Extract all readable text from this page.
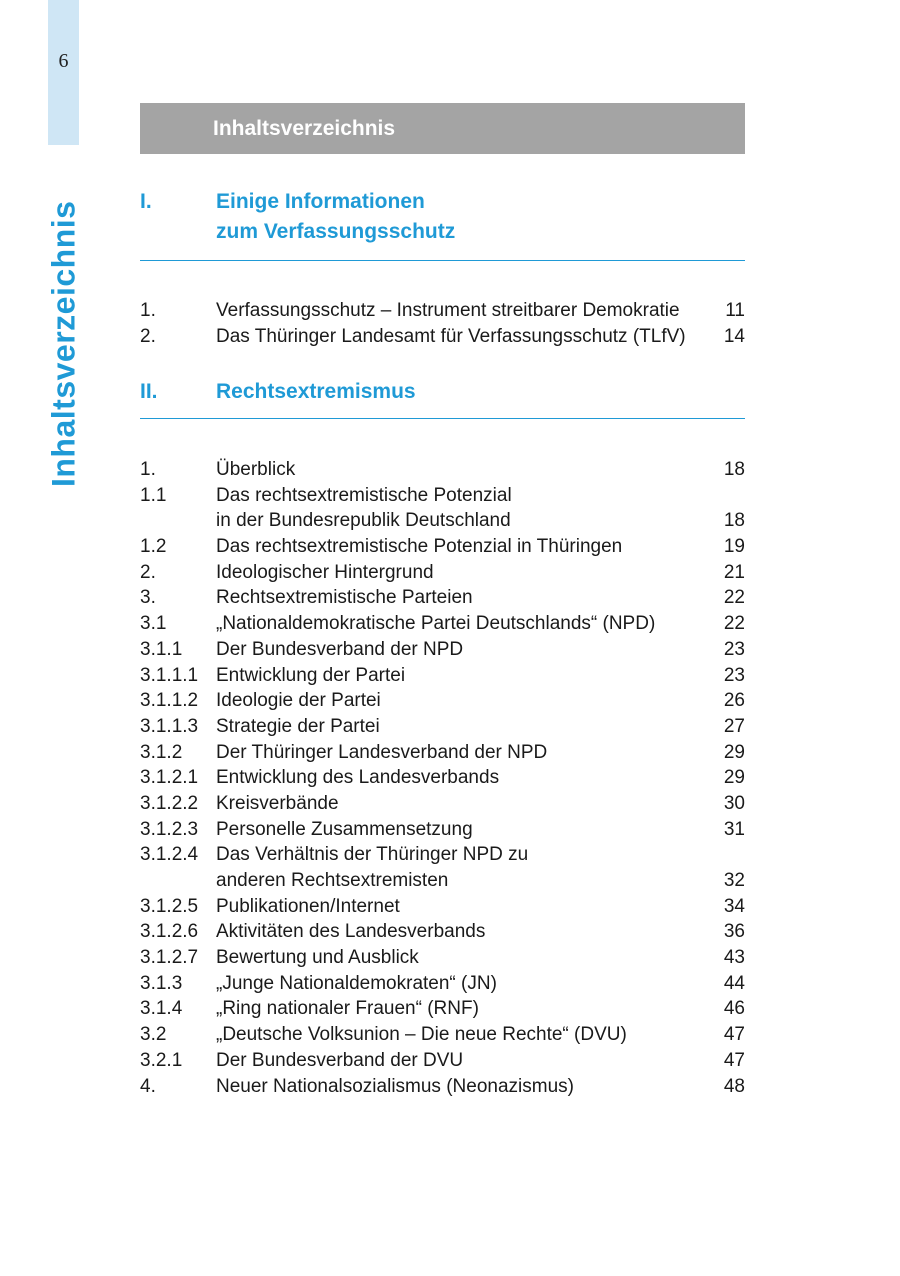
6
Inhaltsverzeichnis
Inhaltsverzeichnis
I.	Einige Informationen
zum Verfassungsschutz
1.	Verfassungsschutz – Instrument streitbarer Demokratie 11
2.	Das Thüringer Landesamt für Verfassungsschutz (TLfV) 14
II.	Rechtsextremismus
1.	Überblick	18
1.1	Das rechtsextremistische Potenzial
in der Bundesrepublik Deutschland	18
1.2	Das rechtsextremistische Potenzial in Thüringen	19
2.	Ideologischer Hintergrund	21
3.	Rechtsextremistische Parteien	22
3.1	„Nationaldemokratische Partei Deutschlands“ (NPD)	22
3.1.1 Der Bundesverband der NPD	23
3.1.1.1 Entwicklung der Partei	23
3.1.1.2 Ideologie der Partei	26
3.1.1.3 Strategie der Partei	27
3.1.2 Der Thüringer Landesverband der NPD	29
3.1.2.1 Entwicklung des Landesverbands	29
3.1.2.2 Kreisverbände	30
3.1.2.3 Personelle Zusammensetzung	31
3.1.2.4 Das Verhältnis der Thüringer NPD zu
anderen Rechtsextremisten	32
3.1.2.5 Publikationen/Internet	34
3.1.2.6 Aktivitäten des Landesverbands	36
3.1.2.7 Bewertung und Ausblick	43
3.1.3 „Junge Nationaldemokraten“ (JN)	44
3.1.4 „Ring nationaler Frauen“ (RNF)	46
3.2	„Deutsche Volksunion – Die neue Rechte“ (DVU)	47
3.2.1 Der Bundesverband der DVU	47
4.	Neuer Nationalsozialismus (Neonazismus)	48
